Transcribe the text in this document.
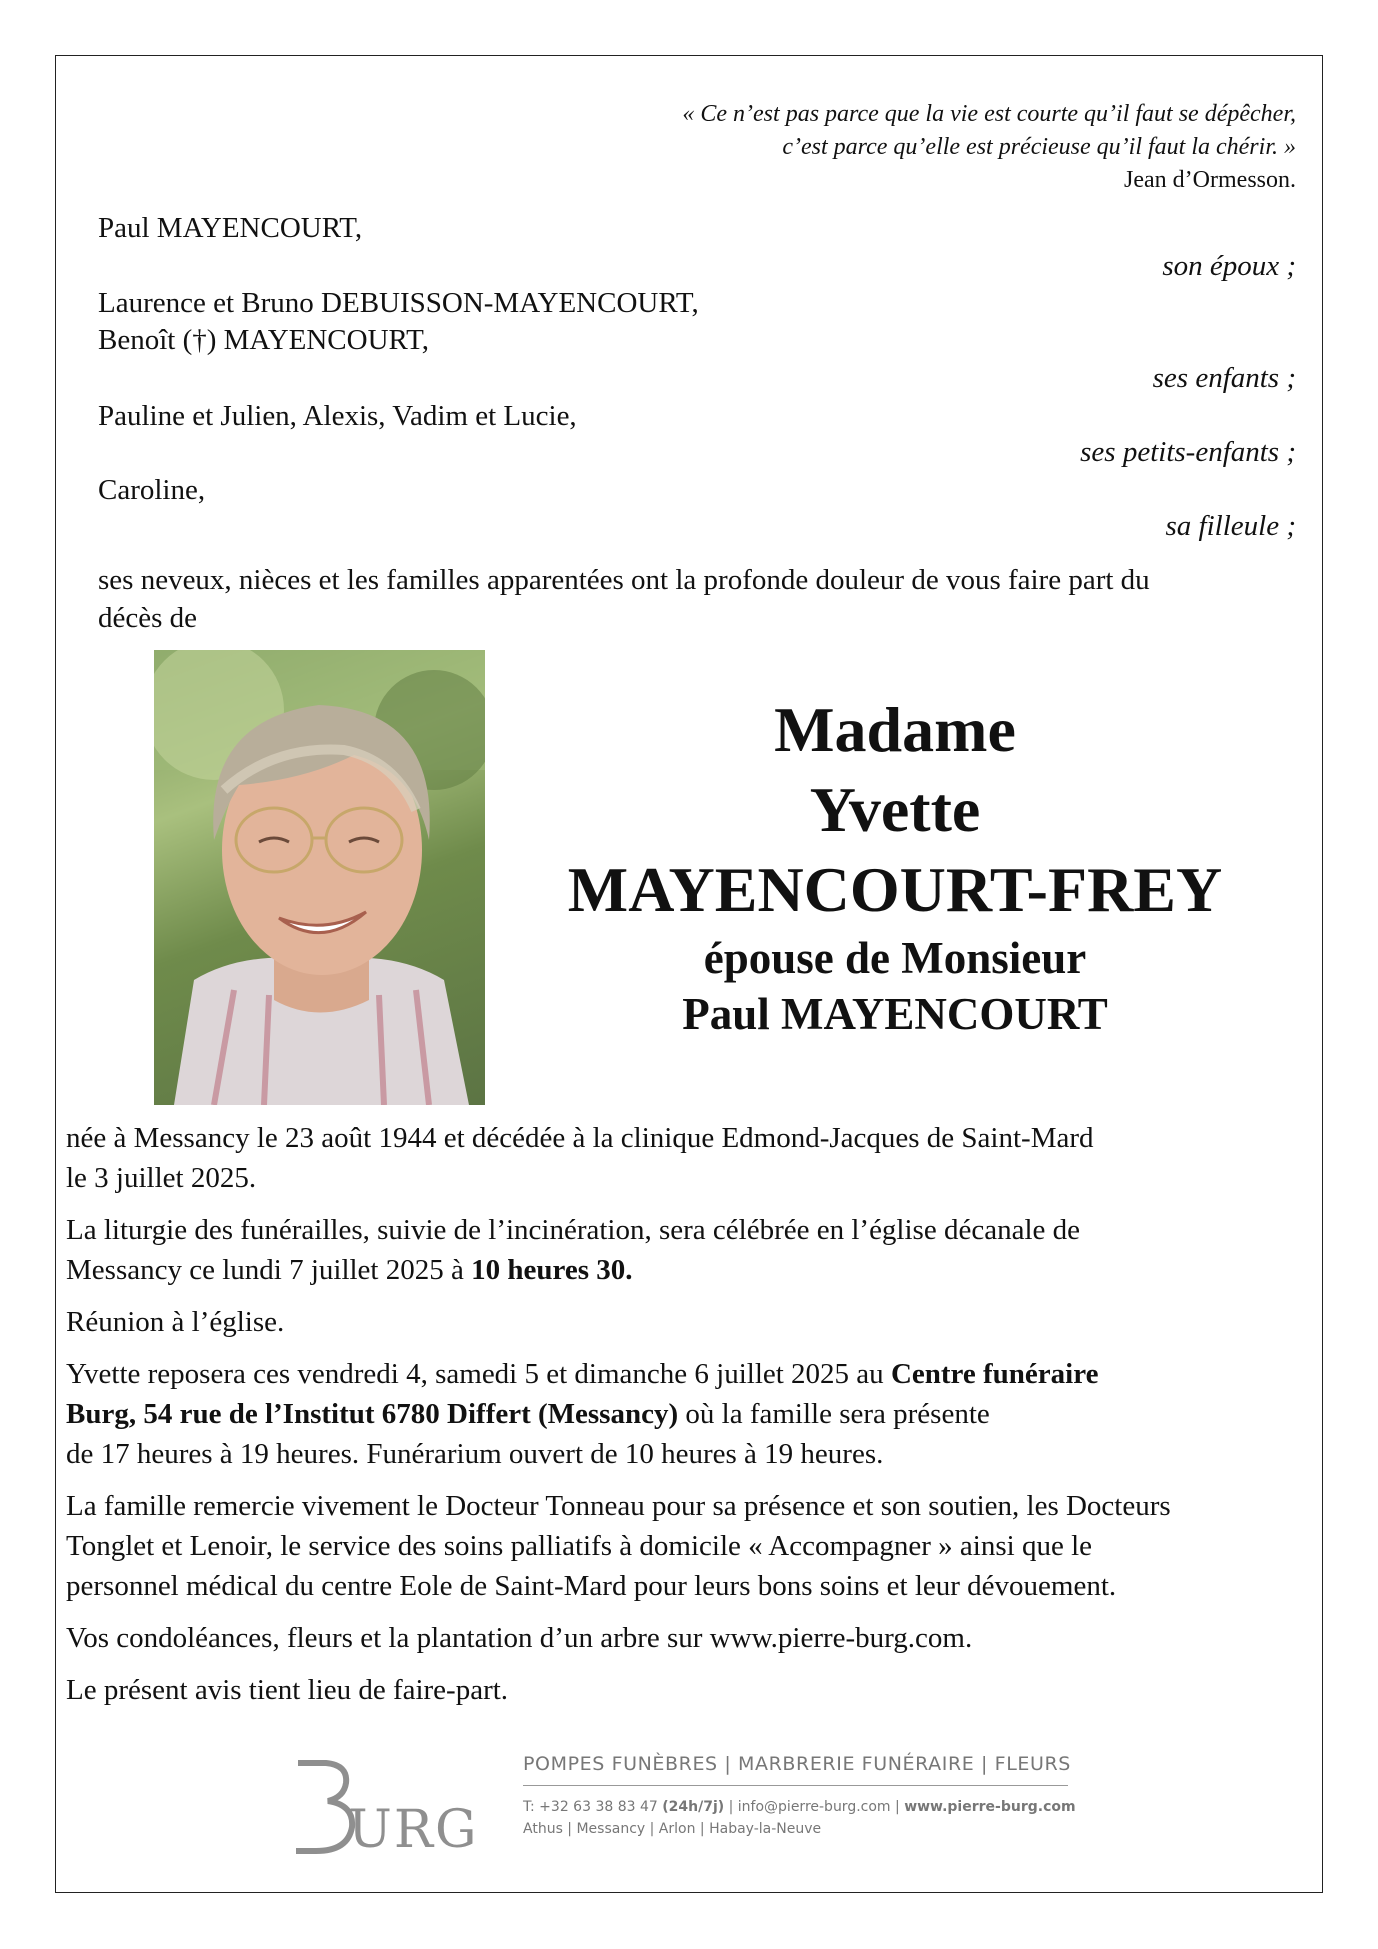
« Ce n’est pas parce que la vie est courte qu’il faut se dépêcher,
c’est parce qu’elle est précieuse qu’il faut la chérir. »
Jean d’Ormesson.
Paul MAYENCOURT,
son époux ;
Laurence et Bruno DEBUISSON-MAYENCOURT,
Benoît (†) MAYENCOURT,
ses enfants ;
Pauline et Julien, Alexis, Vadim et Lucie,
ses petits-enfants ;
Caroline,
sa filleule ;
ses neveux, nièces et les familles apparentées ont la profonde douleur de vous faire part du
décès de
Madame
Yvette
MAYENCOURT-FREY
épouse de Monsieur
Paul MAYENCOURT
née à Messancy le 23 août 1944 et décédée à la clinique Edmond-Jacques de Saint-Mard
le 3 juillet 2025.
La liturgie des funérailles, suivie de l’incinération, sera célébrée en l’église décanale de
Messancy ce lundi 7 juillet 2025 à 10 heures 30.
Réunion à l’église.
Yvette reposera ces vendredi 4, samedi 5 et dimanche 6 juillet 2025 au Centre funéraire
Burg, 54 rue de l’Institut 6780 Differt (Messancy) où la famille sera présente
de 17 heures à 19 heures. Funérarium ouvert de 10 heures à 19 heures.
La famille remercie vivement le Docteur Tonneau pour sa présence et son soutien, les Docteurs
Tonglet et Lenoir, le service des soins palliatifs à domicile « Accompagner » ainsi que le
personnel médical du centre Eole de Saint-Mard pour leurs bons soins et leur dévouement.
Vos condoléances, fleurs et la plantation d’un arbre sur www.pierre-burg.com.
Le présent avis tient lieu de faire-part.
URG
POMPES FUNÈBRES | MARBRERIE FUNÉRAIRE | FLEURS
T: +32 63 38 83 47 (24h/7j) | info@pierre-burg.com | www.pierre-burg.com
Athus | Messancy | Arlon | Habay-la-Neuve
